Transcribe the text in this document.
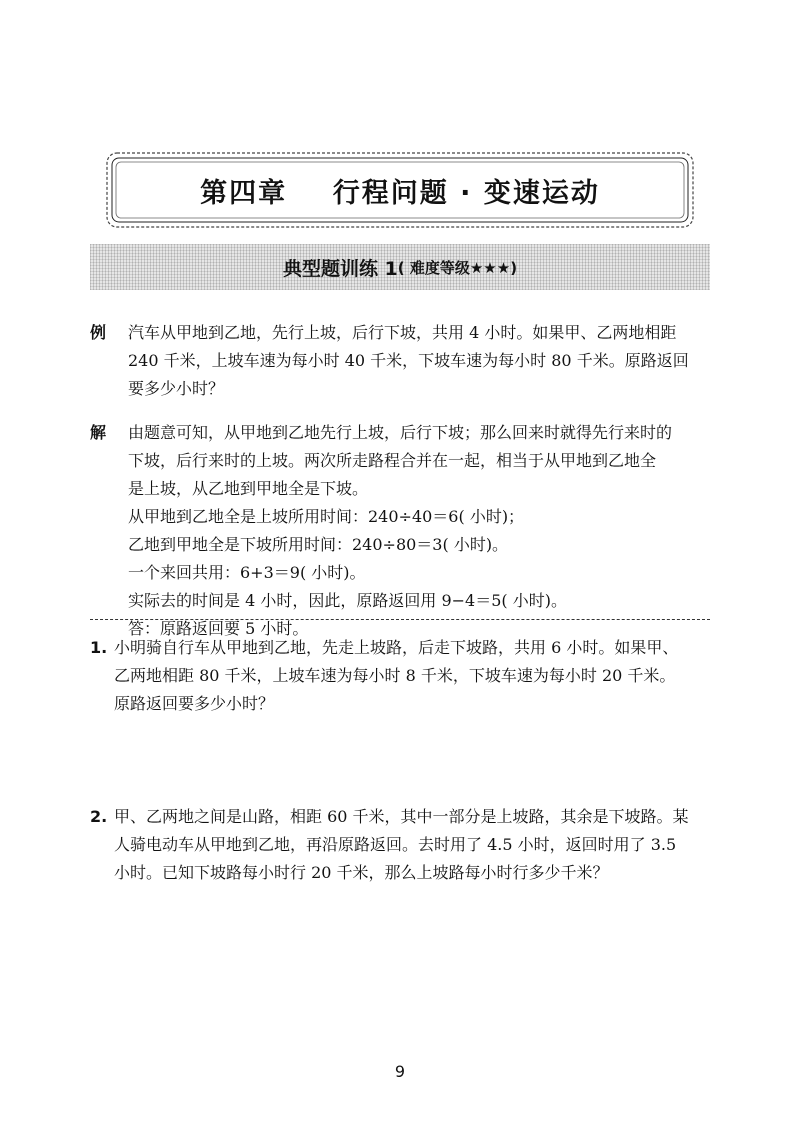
第四章    行程问题 · 变速运动
典型题训练 1 ( 难度等级★★★)
例	汽车从甲地到乙地，先行上坡，后行下坡，共用 4 小时。如果甲、乙两地相距
240 千米，上坡车速为每小时 40 千米，下坡车速为每小时 80 千米。原路返回
要多少小时？
解	由题意可知，从甲地到乙地先行上坡，后行下坡；那么回来时就得先行来时的
下坡，后行来时的上坡。两次所走路程合并在一起，相当于从甲地到乙地全
是上坡，从乙地到甲地全是下坡。
从甲地到乙地全是上坡所用时间：240÷40＝6( 小时)；
乙地到甲地全是下坡所用时间：240÷80＝3( 小时)。
一个来回共用：6+3＝9( 小时)。
实际去的时间是 4 小时，因此，原路返回用 9−4＝5( 小时)。
答：原路返回要 5 小时。
1. 小明骑自行车从甲地到乙地，先走上坡路，后走下坡路，共用 6 小时。如果甲、
乙两地相距 80 千米，上坡车速为每小时 8 千米，下坡车速为每小时 20 千米。
原路返回要多少小时？
2. 甲、乙两地之间是山路，相距 60 千米，其中一部分是上坡路，其余是下坡路。某
人骑电动车从甲地到乙地，再沿原路返回。去时用了 4.5 小时，返回时用了 3.5
小时。已知下坡路每小时行 20 千米，那么上坡路每小时行多少千米？
9
